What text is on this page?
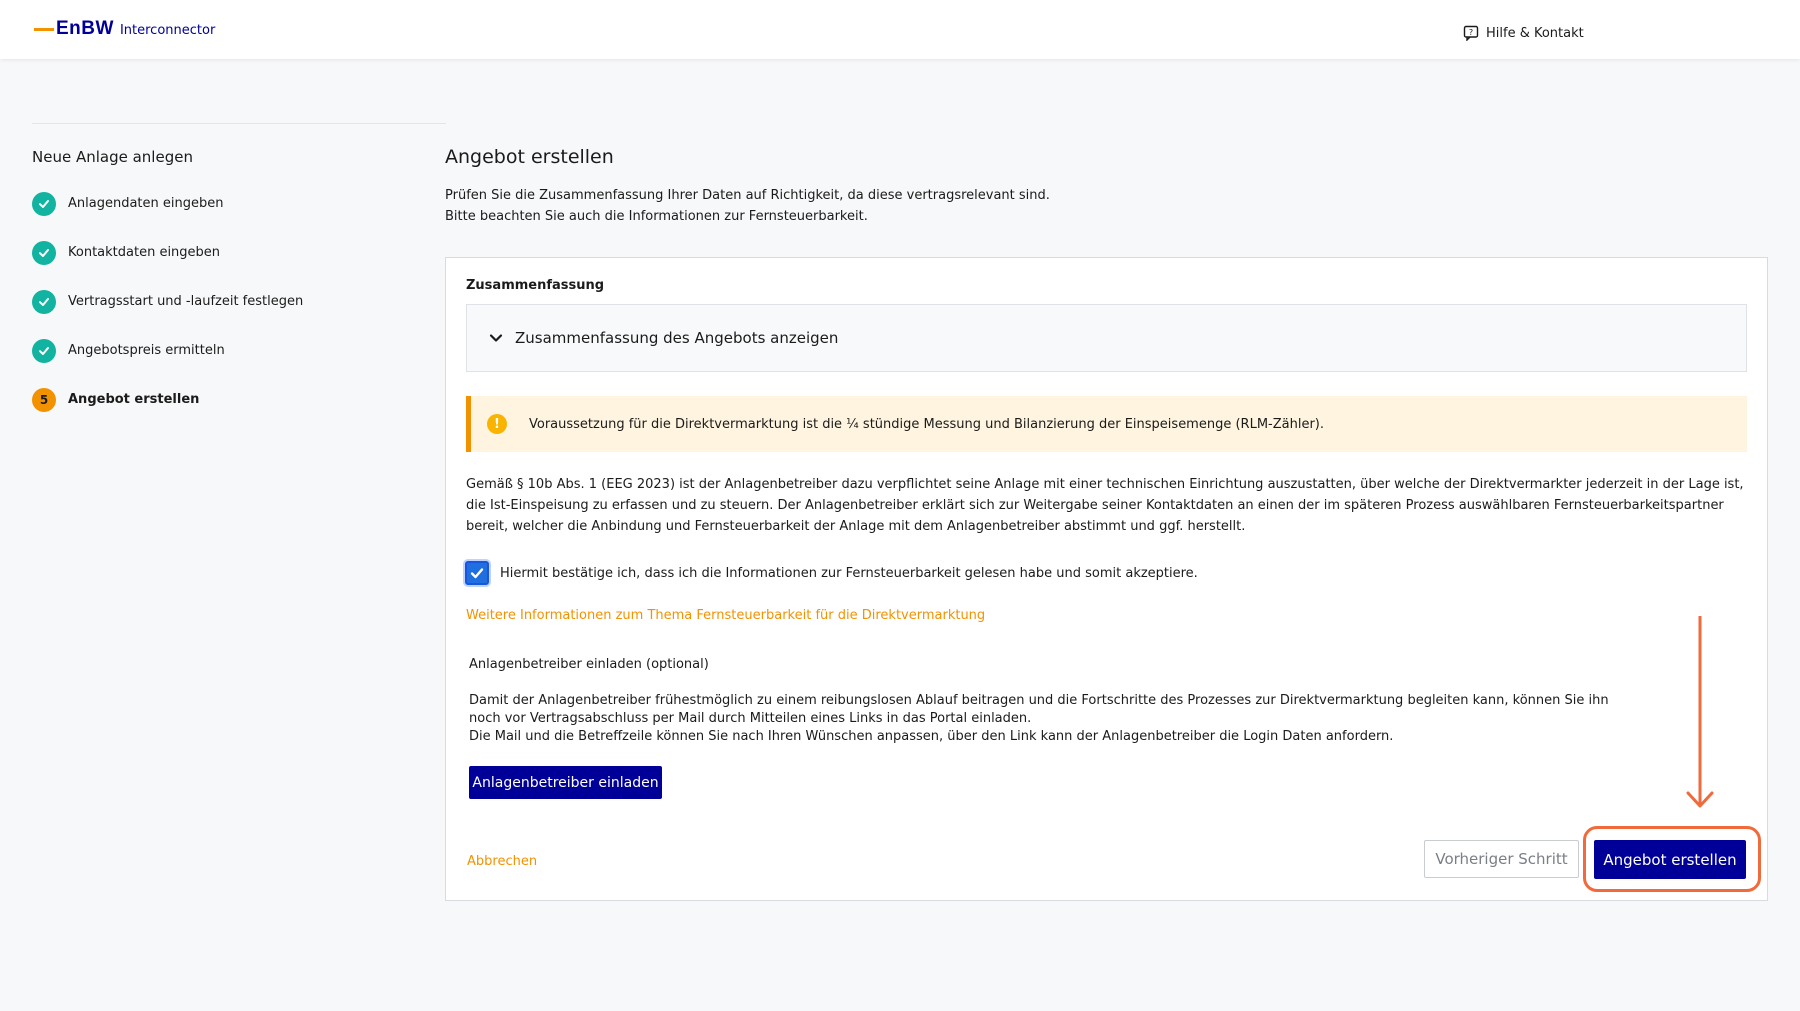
EnBW Interconnector	? Hilfe & Kontakt
Neue Anlage anlegen
Anlagendaten eingeben
Kontaktdaten eingeben
Vertragsstart und -laufzeit festlegen
Angebotspreis ermitteln
5	Angebot erstellen
Angebot erstellen
Prüfen Sie die Zusammenfassung Ihrer Daten auf Richtigkeit, da diese vertragsrelevant sind.
Bitte beachten Sie auch die Informationen zur Fernsteuerbarkeit.
Zusammenfassung
Zusammenfassung des Angebots anzeigen
!	Voraussetzung für die Direktvermarktung ist die ¼ stündige Messung und Bilanzierung der Einspeisemenge (RLM-Zähler).
Gemäß § 10b Abs. 1 (EEG 2023) ist der Anlagenbetreiber dazu verpflichtet seine Anlage mit einer technischen Einrichtung auszustatten, über welche der Direktvermarkter jederzeit in der Lage ist, die Ist-Einspeisung zu erfassen und zu steuern. Der Anlagenbetreiber erklärt sich zur Weitergabe seiner Kontaktdaten an einen der im späteren Prozess auswählbaren Fernsteuerbarkeitspartner bereit, welcher die Anbindung und Fernsteuerbarkeit der Anlage mit dem Anlagenbetreiber abstimmt und ggf. herstellt.
Hiermit bestätige ich, dass ich die Informationen zur Fernsteuerbarkeit gelesen habe und somit akzeptiere.
Weitere Informationen zum Thema Fernsteuerbarkeit für die Direktvermarktung
Anlagenbetreiber einladen (optional)
Damit der Anlagenbetreiber frühestmöglich zu einem reibungslosen Ablauf beitragen und die Fortschritte des Prozesses zur Direktvermarktung begleiten kann, können Sie ihn noch vor Vertragsabschluss per Mail durch Mitteilen eines Links in das Portal einladen.
Die Mail und die Betreffzeile können Sie nach Ihren Wünschen anpassen, über den Link kann der Anlagenbetreiber die Login Daten anfordern.
Anlagenbetreiber einladen
Abbrechen	Vorheriger Schritt	Angebot erstellen
